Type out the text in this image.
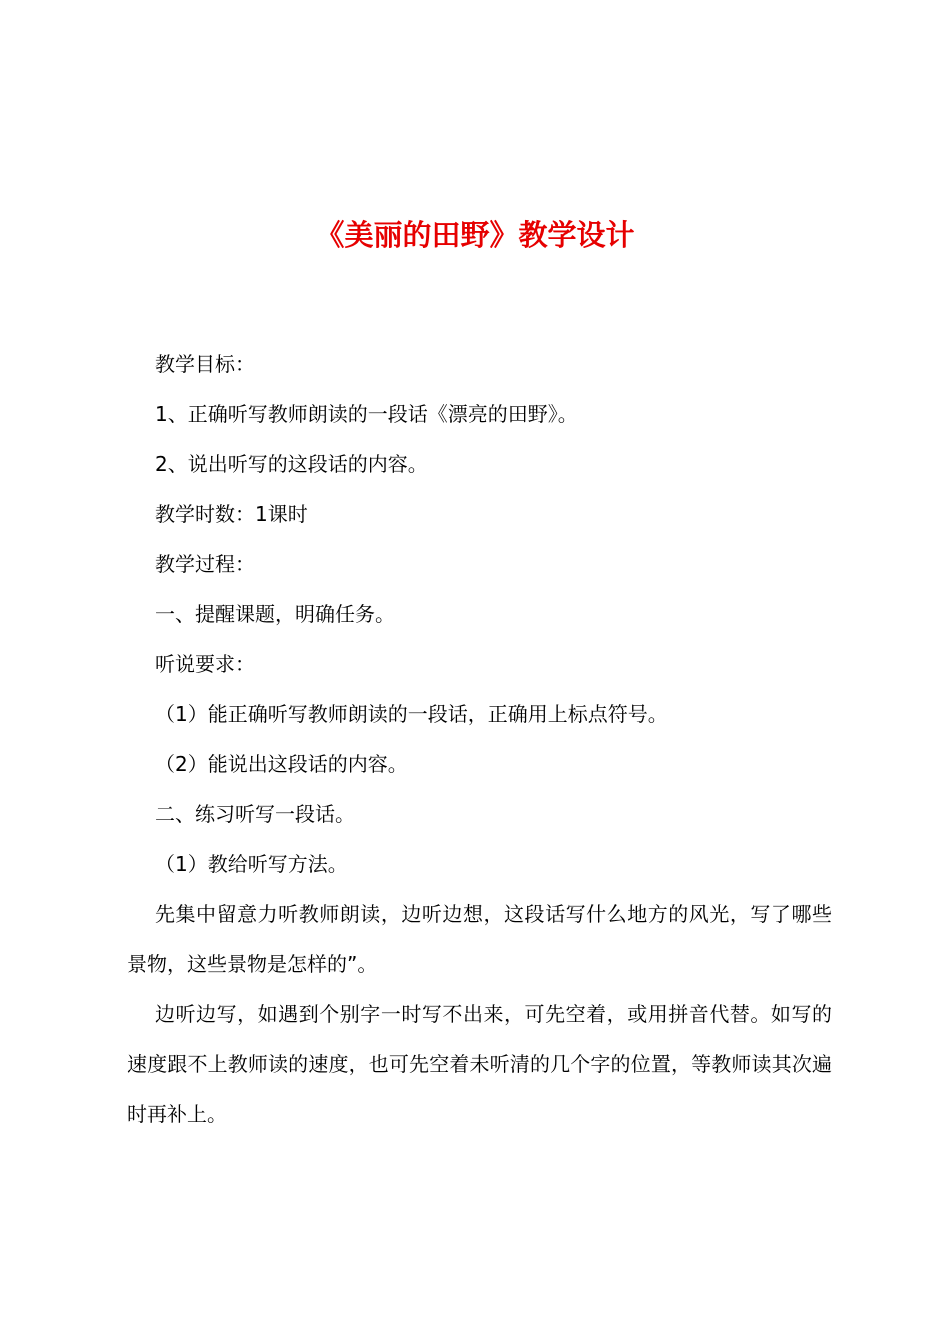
《美丽的田野》教学设计

教学目标：

1、正确听写教师朗读的一段话《漂亮的田野》。

2、说出听写的这段话的内容。

教学时数：1课时

教学过程：

一、提醒课题，明确任务。

听说要求：

（1）能正确听写教师朗读的一段话，正确用上标点符号。

（2）能说出这段话的内容。

二、练习听写一段话。

（1）教给听写方法。

先集中留意力听教师朗读，边听边想，这段话写什么地方的风光，写了哪些景物，这些景物是怎样的”。

边听边写，如遇到个别字一时写不出来，可先空着，或用拼音代替。如写的速度跟不上教师读的速度，也可先空着未听清的几个字的位置，等教师读其次遍时再补上。
